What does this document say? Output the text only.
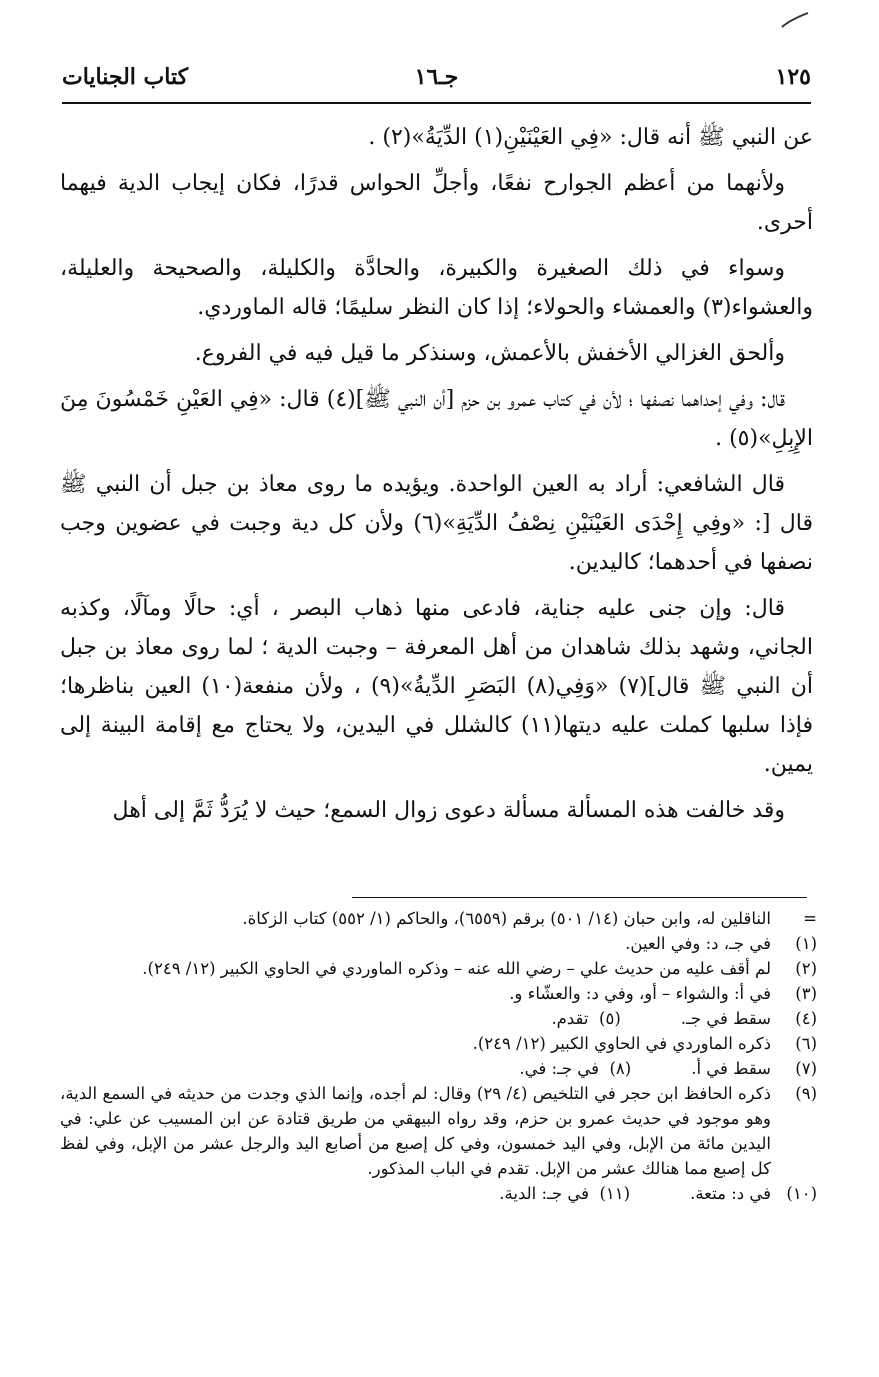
١٢٥
جـ١٦
كتاب الجنايات

عن النبي ﷺ أنه قال: «فِي العَيْنَيْنِ(١) الدِّيَةُ»(٢) .

ولأنهما من أعظم الجوارح نفعًا، وأجلِّ الحواس قدرًا، فكان إيجاب الدية فيهما أحرى.

وسواء في ذلك الصغيرة والكبيرة، والحادَّة والكليلة، والصحيحة والعليلة، والعشواء(٣) والعمشاء والحولاء؛ إذا كان النظر سليمًا؛ قاله الماوردي.

وألحق الغزالي الأخفش بالأعمش، وسنذكر ما قيل فيه في الفروع.

قال: وفي إحداهما نصفها ؛ لأن في كتاب عمرو بن حزم [أن النبي ﷺ](٤) قال: «فِي العَيْنِ خَمْسُونَ مِنَ الإِبِلِ»(٥) .

قال الشافعي: أراد به العين الواحدة. ويؤيده ما روى معاذ بن جبل أن النبي ﷺ قال [: «وفِي إِحْدَى العَيْنَيْنِ نِصْفُ الدِّيَةِ»(٦) ولأن كل دية وجبت في عضوين وجب نصفها في أحدهما؛ كاليدين.

قال: وإن جنى عليه جناية، فادعى منها ذهاب البصر ، أي: حالًا ومآلًا، وكذبه الجاني، وشهد بذلك شاهدان من أهل المعرفة – وجبت الدية ؛ لما روى معاذ بن جبل أن النبي ﷺ قال](٧) «وَفِي(٨) البَصَرِ الدِّيةُ»(٩) ، ولأن منفعة(١٠) العين بناظرها؛ فإذا سلبها كملت عليه ديتها(١١) كالشلل في اليدين، ولا يحتاج مع إقامة البينة إلى يمين.

وقد خالفت هذه المسألة مسألة دعوى زوال السمع؛ حيث لا يُرَدُّ ثَمَّ إلى أهل

=
الناقلين له، وابن حبان (١٤/ ٥٠١) برقم (٦٥٥٩)، والحاكم (١/ ٥٥٢) كتاب الزكاة.
(١)
في جـ، د: وفي العين.
(٢)
لم أقف عليه من حديث علي – رضي الله عنه – وذكره الماوردي في الحاوي الكبير (١٢/ ٢٤٩).
(٣)
في أ: والشواء – أو، وفي د: والعشّاء و.
(٤)
سقط في جـ.(٥)  تقدم.
(٦)
ذكره الماوردي في الحاوي الكبير (١٢/ ٢٤٩).
(٧)
سقط في أ.(٨)  في جـ: في.
(٩)
ذكره الحافظ ابن حجر في التلخيص (٤/ ٢٩) وقال: لم أجده، وإنما الذي وجدت من حديثه في السمع الدية، وهو موجود في حديث عمرو بن حزم، وقد رواه البيهقي من طريق قتادة عن ابن المسيب عن علي: في اليدين مائة من الإبل، وفي اليد خمسون، وفي كل إصبع من أصابع اليد والرجل عشر من الإبل، وفي لفظ كل إصبع مما هنالك عشر من الإبل. تقدم في الباب المذكور.
(١٠)
في د: متعة.(١١)  في جـ: الدية.
